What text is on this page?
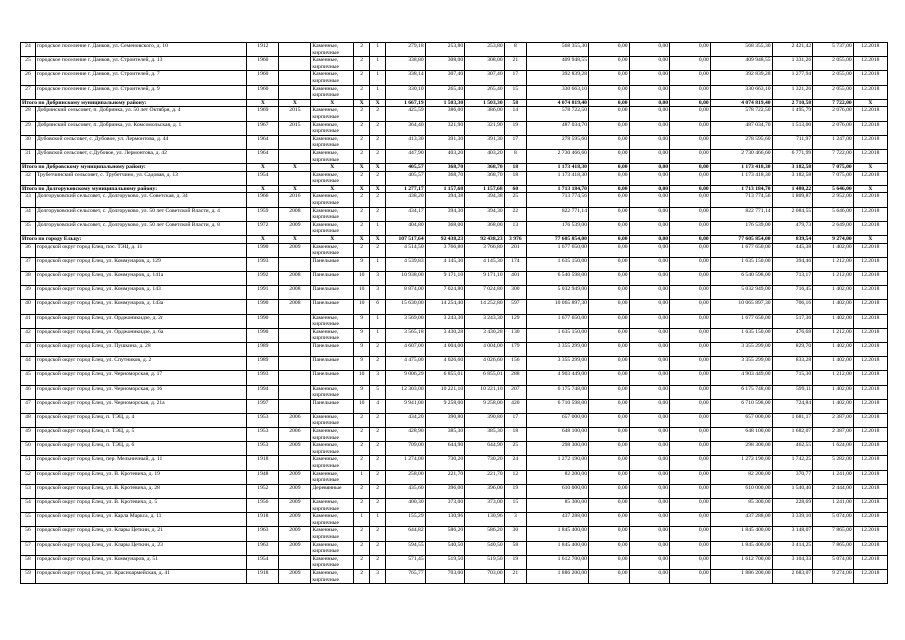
24	городское поселение г. Данков, ул. Семеновского, д. 10	1912		Каменные, кирпичные	2	1	279,18	253,80	253,80	8	568 355,30	0,00	0,00	0,00	568 355,30	2 421,42	5 737,00	12.2018
25	городское поселение г. Данков, ул. Строителей, д. 13	1960		Каменные, кирпичные	2	1	338,80	308,00	308,00	21	409 948,55	0,00	0,00	0,00	409 948,55	1 331,26	2 055,00	12.2018
26	городское поселение г. Данков, ул. Строителей, д. 7	1960		Каменные, кирпичные	2	1	338,14	307,40	307,40	17	392 839,28	0,00	0,00	0,00	392 839,28	1 277,94	2 055,00	12.2018
27	городское поселение г. Данков, ул. Строителей, д. 9	1960		Каменные, кирпичные	2	1	330,10	265,40	265,40	15	330 663,10	0,00	0,00	0,00	330 663,10	1 321,26	2 055,00	12.2018
Итого по Добринскому муниципальному району:		X	X	X	X	X	1 667,19	1 503,30	1 503,30	58	4 074 819,40	0,00	0,00	0,00	4 074 819,40	2 710,58	7 722,00	X
28	Добринский сельсовет, п. Добринка, ул. 50 лет Октября, д. 4	1969	2015	Каменные, кирпичные	2	2	425,59	386,00	386,00	14	578 722,50	0,00	0,00	0,00	578 722,50	1 495,79	2 076,00	12.2018
29	Добринский сельсовет, п. Добринка, ул. Комсомольская, д. 1	1967	2015	Каменные, кирпичные	2	2	364,40	321,90	321,90	19	487 034,70	0,00	0,00	0,00	487 034,70	1 513,00	2 076,00	12.2018
30	Дубовской сельсовет, с. Дубовое, ул. Лермонтова, д. 44	1964		Каменные, кирпичные	2	2	413,30	391,30	391,30	17	278 595,60	0,00	0,00	0,00	278 595,60	711,97	1 247,00	12.2018
31	Дубовской сельсовет, с.Дубовое, ул. Лермонтова, д. 42	1964		Каменные, кирпичные	2	2	447,90	403,20	403,20	8	2 730 466,60	0,00	0,00	0,00	2 730 466,60	6 771,99	7 722,00	12.2018
Итого по Добровскому муниципальному району:		X	X	X	X	X	405,57	368,70	368,70	18	1 173 418,30	0,00	0,00	0,00	1 173 418,30	3 182,58	7 075,00	X
32	Трубетчинский сельсовет, с. Трубетчино, ул. Садовая, д. 13	1954		Каменные, кирпичные	2	2	405,57	368,70	368,70	18	1 173 418,30	0,00	0,00	0,00	1 173 418,30	3 182,58	7 075,00	12.2018
Итого по Долгоруковскому муниципальному району:		X	X	X	X	X	1 277,17	1 157,68	1 157,68	60	1 713 184,70	0,00	0,00	0,00	1 713 184,70	1 480,22	5 646,00	X
33	Долгоруковский сельсовет, с. Долгоруково, ул. Советская, д. 34	1966	2016	Каменные, кирпичные	2	2	438,20	394,38	394,38	25	713 774,56	0,00	0,00	0,00	713 774,56	1 809,87	2 952,00	12.2018
34	Долгоруковский сельсовет, с. Долгоруково, ул. 50 лет Советской Власти, д. 4	1959	2008	Каменные, кирпичные	2	2	434,17	394,30	394,30	22	822 771,14	0,00	0,00	0,00	822 771,14	2 084,55	5 646,00	12.2018
35	Долгоруковский сельсовет, с. Долгоруково, ул. 50 лет Советской Власти, д. 8	1972	2009	Каменные, кирпичные	2	1	404,80	368,00	368,00	13	176 539,00	0,00	0,00	0,00	176 539,00	479,73	2 649,00	12.2018
Итого по городу Ельцу:		X	X	X	X	X	107 517,64	92 438,23	92 438,23	3 976	77 605 854,00	0,00	0,00	0,00	77 605 854,00	839,54	9 274,00	X
36	городской округ город Елец, пос. ТЭЦ, д. 11	1990	2009	Каменные, кирпичные	2	2	4 514,50	3 766,80	3 766,80	201	1 677 650,00	0,00	0,00	0,00	1 677 650,00	445,38	1 402,00	12.2018
37	городской округ город Елец, ул. Коммунаров, д. 129	1993		Панельные	9	1	4 539,83	4 145,30	4 145,30	174	1 635 150,00	0,00	0,00	0,00	1 635 150,00	394,46	1 212,00	12.2018
38	городской округ город Елец, ул. Коммунаров, д. 141а	1992	2008	Панельные	10	3	10 938,00	9 171,10	9 171,10	401	6 540 598,00	0,00	0,00	0,00	6 540 598,00	713,17	1 212,00	12.2018
39	городской округ город Елец, ул. Коммунаров, д. 143	1991	2008	Панельные	10	3	8 874,00	7 024,80	7 024,80	300	5 032 949,00	0,00	0,00	0,00	5 032 949,00	716,45	1 402,00	12.2018
40	городской округ город Елец, ул. Коммунаров, д. 143а	1990	2008	Панельные	10	6	15 630,00	14 254,40	14 252,80	597	10 065 897,30	0,00	0,00	0,00	10 065 897,30	706,16	1 402,00	12.2018
41	городской округ город Елец, ул. Орджоникидзе, д. 2г	1990		Каменные, кирпичные	9	1	3 569,00	3 243,30	3 243,30	129	1 677 650,00	0,00	0,00	0,00	1 677 650,00	517,36	1 402,00	12.2018
42	городской округ город Елец, ул. Орджоникидзе, д. 6а	1990		Каменные, кирпичные	9	1	3 565,18	3 430,28	3 430,28	130	1 635 150,00	0,00	0,00	0,00	1 635 150,00	476,68	1 212,00	12.2018
43	городской округ город Елец, ул. Пушкина, д. 28	1989		Панельные	9	2	4 607,00	4 004,00	4 004,00	179	3 355 299,00	0,00	0,00	0,00	3 355 299,00	829,70	1 402,00	12.2018
44	городской округ город Елец, ул. Спутников, д. 2	1989		Панельные	9	2	4 475,00	4 026,60	4 026,60	156	3 355 299,00	0,00	0,00	0,00	3 355 299,00	833,28	1 402,00	12.2018
45	городской округ город Елец, ул. Черноморская, д. 17	1993		Панельные	10	3	9 006,29	6 855,01	6 855,01	288	4 903 449,00	0,00	0,00	0,00	4 903 449,00	715,30	1 212,00	12.2018
46	городской округ город Елец, ул. Черноморская, д. 16	1994		Каменные, кирпичные	9	5	12 303,00	10 221,10	10 221,10	207	6 175 748,00	0,00	0,00	0,00	6 175 748,00	599,11	1 402,00	12.2018
47	городской округ город Елец, ул. Черноморская, д. 21а	1997		Панельные	10	4	9 941,00	9 258,00	9 258,00	420	6 710 598,00	0,00	0,00	0,00	6 710 598,00	724,84	1 402,00	12.2018
48	городской округ город Елец, п. ТЭЦ, д. 4	1953	2006	Каменные, кирпичные	2	2	434,20	390,80	390,80	17	657 000,00	0,00	0,00	0,00	657 000,00	1 681,17	2 387,00	12.2018
49	городской округ город Елец, п. ТЭЦ, д. 5	1953	2006	Каменные, кирпичные	2	2	428,90	385,30	385,30	18	648 100,00	0,00	0,00	0,00	648 100,00	1 682,07	2 387,00	12.2018
50	городской округ город Елец, п. ТЭЦ, д. 6	1953	2009	Каменные, кирпичные	2	2	709,00	644,90	644,90	25	298 300,00	0,00	0,00	0,00	298 300,00	462,55	1 624,00	12.2018
51	городской округ город Елец, пер. Мельничный, д. 11	1918		Каменные, кирпичные	2	2	1 274,00	730,20	730,20	24	1 272 190,00	0,00	0,00	0,00	1 272 190,00	1 742,25	5 282,00	12.2018
52	городской округ город Елец, ул. В. Кротевича, д. 19	1948	2009	Каменные, кирпичные	1	2	258,00	221,70	221,70	12	82 200,00	0,00	0,00	0,00	82 200,00	370,77	1 241,00	12.2018
53	городской округ город Елец, ул. В. Кротевича, д. 28	1952	2009	Деревянные	2	2	435,60	396,00	396,00	19	610 000,00	0,00	0,00	0,00	610 000,00	1 540,40	2 444,00	12.2018
54	городской округ город Елец, ул. В. Кротевича, д. 5	1956	2009	Каменные, кирпичные	2	2	400,30	373,00	373,00	15	85 300,00	0,00	0,00	0,00	85 300,00	228,69	1 241,00	12.2018
55	городской округ город Елец, ул. Карла Маркса, д. 11	1918	2009	Каменные, кирпичные	1	1	155,29	130,96	130,96	3	437 288,00	0,00	0,00	0,00	437 288,00	3 339,10	5 074,00	12.2018
56	городской округ город Елец, ул. Клары Цеткин, д. 21	1963	2009	Каменные, кирпичные	2	2	644,82	586,20	586,20	30	1 845 400,00	0,00	0,00	0,00	1 845 400,00	3 148,07	7 865,00	12.2018
57	городской округ город Елец, ул. Клары Цеткин, д. 23	1963	2009	Каменные, кирпичные	2	2	594,55	540,50	540,50	58	1 845 400,00	0,00	0,00	0,00	1 845 400,00	3 414,25	7 865,00	12.2018
58	городской округ город Елец, ул. Коммунаров, д. 51	1954		Каменные, кирпичные	2	2	571,45	519,50	519,50	19	1 612 700,00	0,00	0,00	0,00	1 612 700,00	3 104,33	5 074,00	12.2018
59	городской округ город Елец, ул. Красноармейская, д. 41	1918	2009	Каменные, кирпичные	2	3	765,77	703,00	703,00	21	1 886 200,00	0,00	0,00	0,00	1 886 200,00	2 683,07	9 274,00	12.2018
